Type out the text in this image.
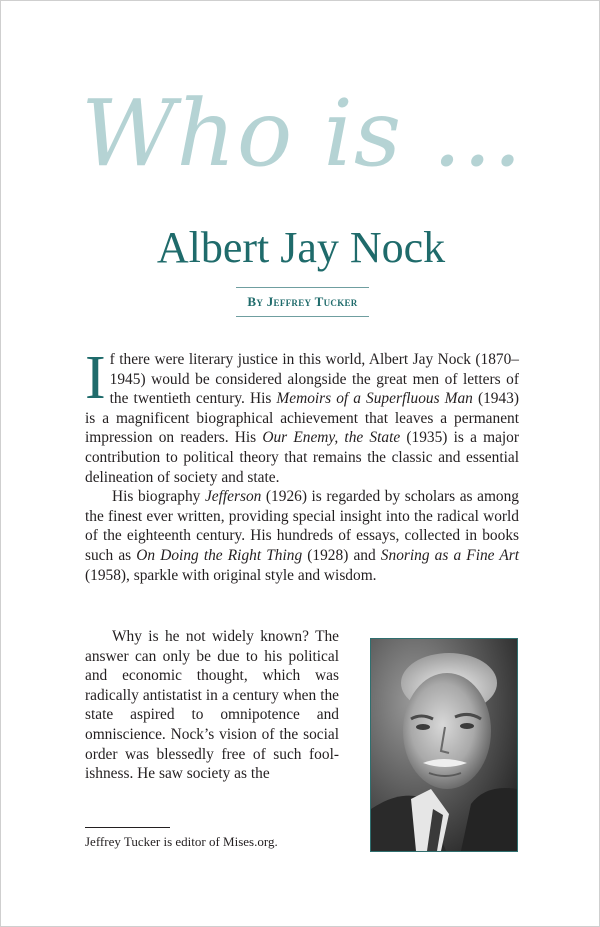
Who is ...
Albert Jay Nock
By Jeffrey Tucker

If there were literary justice in this world, Albert Jay Nock (1870–1945) would be considered alongside the great men of letters of the twentieth century. His Memoirs of a Superfluous Man (1943) is a magnificent biographical achievement that leaves a permanent impression on readers. His Our Enemy, the State (1935) is a major contribution to political theory that remains the classic and essential delineation of society and state.

His biography Jefferson (1926) is regarded by scholars as among the finest ever written, providing special insight into the radical world of the eighteenth century. His hundreds of essays, collected in books such as On Doing the Right Thing (1928) and Snoring as a Fine Art (1958), sparkle with original style and wisdom.

Why is he not widely known? The answer can only be due to his political and economic thought, which was radically antistatist in a century when the state aspired to omnipotence and omniscience. Nock’s vision of the social order was blessedly free of such foolishness. He saw society as the

Jeffrey Tucker is editor of Mises.org.
